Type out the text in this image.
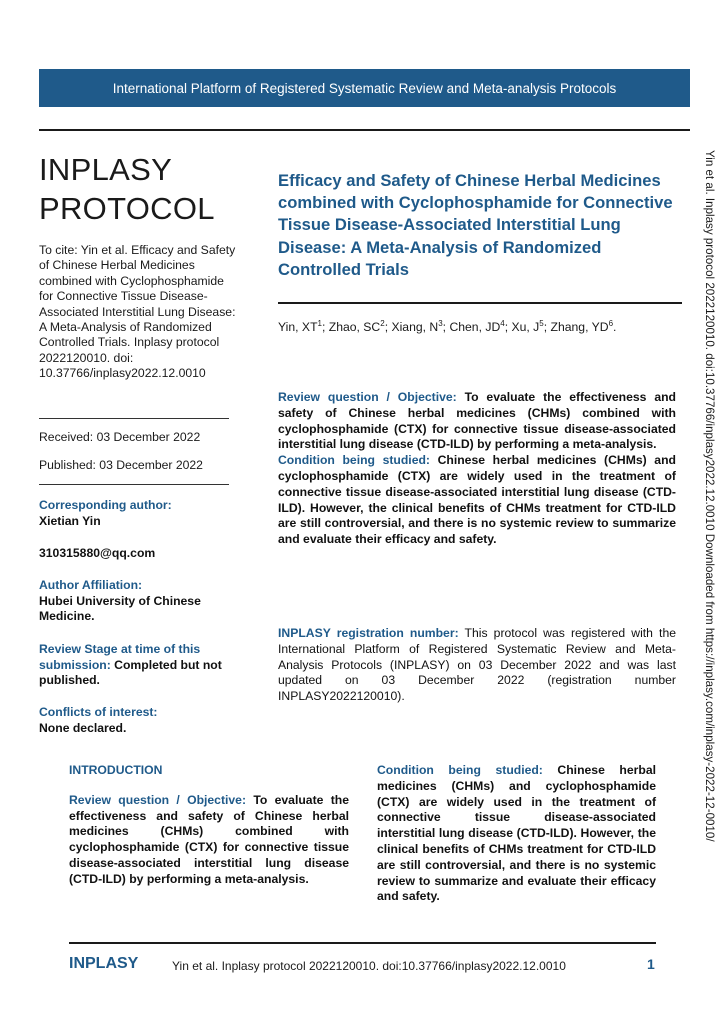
International Platform of Registered Systematic Review and Meta-analysis Protocols
INPLASY
PROTOCOL
To cite: Yin et al. Efficacy and Safety of Chinese Herbal Medicines combined with Cyclophosphamide for Connective Tissue Disease-Associated Interstitial Lung Disease: A Meta-Analysis of Randomized Controlled Trials. Inplasy protocol 2022120010. doi: 10.37766/inplasy2022.12.0010
Received: 03 December 2022
Published: 03 December 2022
Corresponding author:
Xietian Yin
310315880@qq.com
Author Affiliation:
Hubei University of Chinese Medicine.
Review Stage at time of this submission: Completed but not published.
Conflicts of interest:
None declared.
Efficacy and Safety of Chinese Herbal Medicines combined with Cyclophosphamide for Connective Tissue Disease-Associated Interstitial Lung Disease: A Meta-Analysis of Randomized Controlled Trials
Yin, $XT^1$; Zhao, $SC^2$; Xiang, $N^3$; Chen, $JD^4$; Xu, $J^5$; Zhang, $YD^6$.
Review question / Objective: To evaluate the effectiveness and safety of Chinese herbal medicines (CHMs) combined with cyclophosphamide (CTX) for connective tissue disease-associated interstitial lung disease (CTD-ILD) by performing a meta-analysis.
Condition being studied: Chinese herbal medicines (CHMs) and cyclophosphamide (CTX) are widely used in the treatment of connective tissue disease-associated interstitial lung disease (CTD-ILD). However, the clinical benefits of CHMs treatment for CTD-ILD are still controversial, and there is no systemic review to summarize and evaluate their efficacy and safety.
INPLASY registration number: This protocol was registered with the International Platform of Registered Systematic Review and Meta-Analysis Protocols (INPLASY) on 03 December 2022 and was last updated on 03 December 2022 (registration number INPLASY2022120010).
INTRODUCTION
Review question / Objective: To evaluate the effectiveness and safety of Chinese herbal medicines (CHMs) combined with cyclophosphamide (CTX) for connective tissue disease-associated interstitial lung disease (CTD-ILD) by performing a meta-analysis.
Condition being studied: Chinese herbal medicines (CHMs) and cyclophosphamide (CTX) are widely used in the treatment of connective tissue disease-associated interstitial lung disease (CTD-ILD). However, the clinical benefits of CHMs treatment for CTD-ILD are still controversial, and there is no systemic review to summarize and evaluate their efficacy and safety.
INPLASY	Yin et al. Inplasy protocol 2022120010. doi:10.37766/inplasy2022.12.0010	1
Yin et al. Inplasy protocol 2022120010. doi:10.37766/inplasy2022.12.0010 Downloaded from https://inplasy.com/inplasy-2022-12-0010/
